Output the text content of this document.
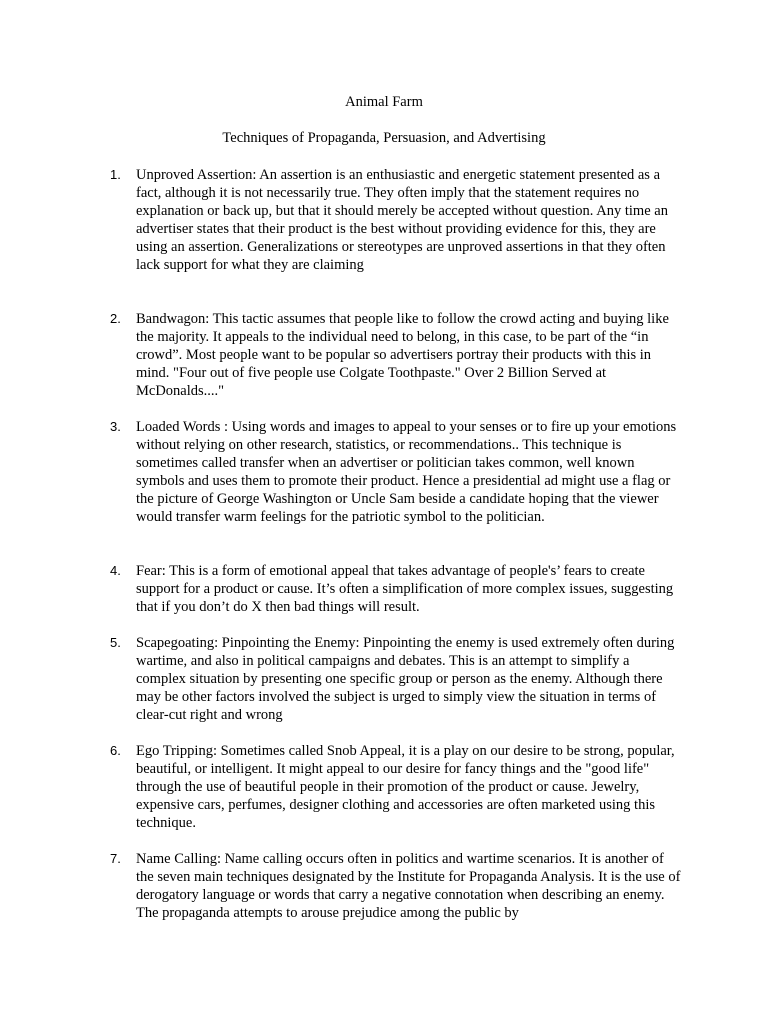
Animal Farm
Techniques of Propaganda, Persuasion, and Advertising
1.	Unproved Assertion: An assertion is an enthusiastic and energetic statement presented as a fact, although it is not necessarily true. They often imply that the statement requires no explanation or back up, but that it should merely be accepted without question. Any time an advertiser states that their product is the best without providing evidence for this, they are using an assertion. Generalizations or stereotypes are unproved assertions in that they often lack support for what they are claiming
2.	Bandwagon: This tactic assumes that people like to follow the crowd acting and buying like the majority. It appeals to the individual need to belong, in this case, to be part of the “in crowd”. Most people want to be popular so advertisers portray their products with this in mind. "Four out of five people use Colgate Toothpaste." Over 2 Billion Served at McDonalds...."
3.	Loaded Words : Using words and images to appeal to your senses or to fire up your emotions without relying on other research, statistics, or recommendations.. This technique is sometimes called transfer when an advertiser or politician takes common, well known symbols and uses them to promote their product. Hence a presidential ad might use a flag or the picture of George Washington or Uncle Sam beside a candidate hoping that the viewer would transfer warm feelings for the patriotic symbol to the politician.
4.	Fear: This is a form of emotional appeal that takes advantage of people's’ fears to create support for a product or cause. It’s often a simplification of more complex issues, suggesting that if you don’t do X then bad things will result.
5.	Scapegoating: Pinpointing the Enemy: Pinpointing the enemy is used extremely often during wartime, and also in political campaigns and debates. This is an attempt to simplify a complex situation by presenting one specific group or person as the enemy. Although there may be other factors involved the subject is urged to simply view the situation in terms of clear-cut right and wrong
6.	Ego Tripping: Sometimes called Snob Appeal, it is a play on our desire to be strong, popular, beautiful, or intelligent. It might appeal to our desire for fancy things and the "good life" through the use of beautiful people in their promotion of the product or cause. Jewelry, expensive cars, perfumes, designer clothing and accessories are often marketed using this technique.
7.	Name Calling: Name calling occurs often in politics and wartime scenarios. It is another of the seven main techniques designated by the Institute for Propaganda Analysis. It is the use of derogatory language or words that carry a negative connotation when describing an enemy. The propaganda attempts to arouse prejudice among the public by
